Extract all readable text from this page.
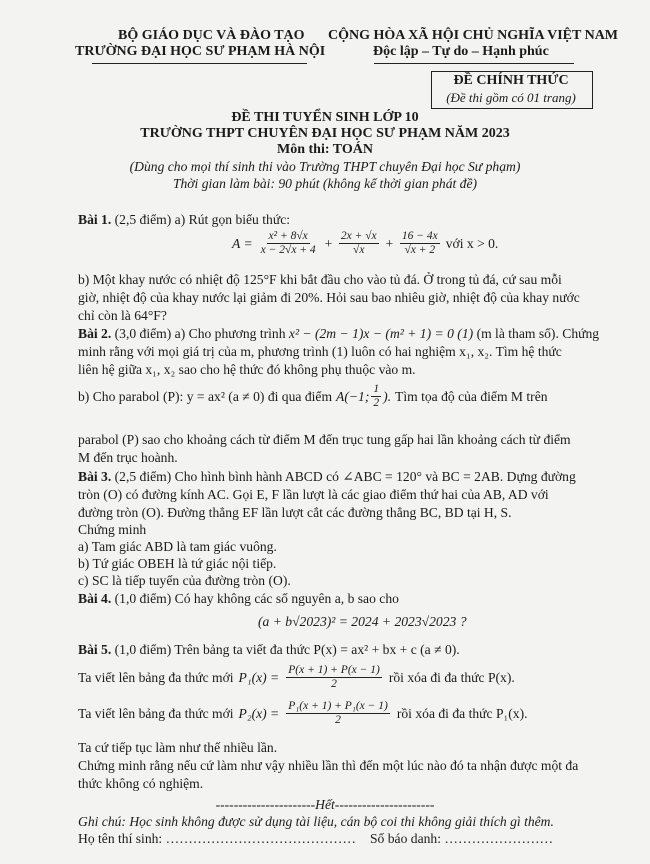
BỘ GIÁO DỤC VÀ ĐÀO TẠO
TRƯỜNG ĐẠI HỌC SƯ PHẠM HÀ NỘI
CỘNG HÒA XÃ HỘI CHỦ NGHĨA VIỆT NAM
Độc lập – Tự do – Hạnh phúc
ĐỀ CHÍNH THỨC
(Đề thi gồm có 01 trang)
ĐỀ THI TUYỂN SINH LỚP 10
TRƯỜNG THPT CHUYÊN ĐẠI HỌC SƯ PHẠM NĂM 2023
Môn thi: TOÁN
(Dùng cho mọi thí sinh thi vào Trường THPT chuyên Đại học Sư phạm)
Thời gian làm bài: 90 phút (không kể thời gian phát đề)
Bài 1. (2,5 điểm) a) Rút gọn biểu thức:
$A = \frac{\text{x² + 8√x}}{x - 2√x + 4} + \frac{2x + √x}{√x} + \frac{16 - 4x}{√x + 2}$ với x > 0.
b) Một khay nước có nhiệt độ 125°F khi bắt đầu cho vào tủ đá. Ở trong tủ đá, cứ sau mỗi
giờ, nhiệt độ của khay nước lại giảm đi 20%. Hỏi sau bao nhiêu giờ, nhiệt độ của khay nước
chỉ còn là 64°F?
Bài 2. (3,0 điểm) a) Cho phương trình x² − (2m − 1)x − (m² + 1) = 0 (1) (m là tham số). Chứng
minh rằng với mọi giá trị của m, phương trình (1) luôn có hai nghiệm x₁, x₂. Tìm hệ thức
liên hệ giữa x₁, x₂ sao cho hệ thức đó không phụ thuộc vào m.
b) Cho parabol (P): y = ax² (a ≠ 0) đi qua điểm A(−1; $\frac{1}{2}$ ). Tìm tọa độ của điểm M trên
parabol (P) sao cho khoảng cách từ điểm M đến trục tung gấp hai lần khoảng cách từ điểm
M đến trục hoành.
Bài 3. (2,5 điểm) Cho hình bình hành ABCD có ∠ABC = 120° và BC = 2AB. Dựng đường
tròn (O) có đường kính AC. Gọi E, F lần lượt là các giao điểm thứ hai của AB, AD với
đường tròn (O). Đường thẳng EF lần lượt cắt các đường thẳng BC, BD tại H, S.
Chứng minh
a) Tam giác ABD là tam giác vuông.
b) Tứ giác OBEH là tứ giác nội tiếp.
c) SC là tiếp tuyến của đường tròn (O).
Bài 4. (1,0 điểm) Có hay không các số nguyên a, b sao cho
(a + b√2023)² = 2024 + 2023√2023 ?
Bài 5. (1,0 điểm) Trên bảng ta viết đa thức P(x) = ax² + bx + c (a ≠ 0).
Ta viết lên bảng đa thức mới $P_1(x) = \frac{P(x + 1) + P(x - 1)}{2}$ rồi xóa đi đa thức P(x).
Ta viết lên bảng đa thức mới $P_2(x) = \frac{\text{P₁(x + 1) + P₁(x − 1)}}{2}$ rồi xóa đi đa thức P₁(x).
Ta cứ tiếp tục làm như thế nhiều lần.
Chứng minh rằng nếu cứ làm như vậy nhiều lần thì đến một lúc nào đó ta nhận được một đa
thức không có nghiệm.
----------------------Hết----------------------
Ghi chú: Học sinh không được sử dụng tài liệu, cán bộ coi thi không giải thích gì thêm.
Họ tên thí sinh: …………………………………… Số báo danh: ……………………
